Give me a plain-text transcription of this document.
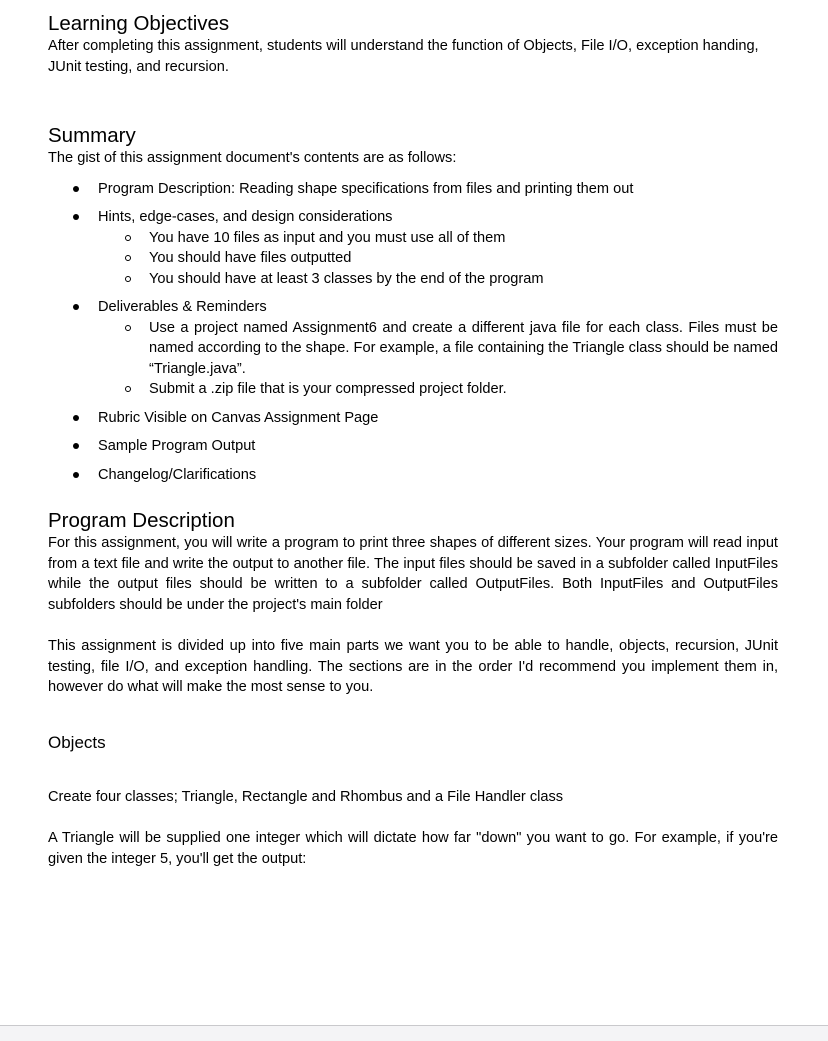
Learning Objectives

After completing this assignment, students will understand the function of Objects, File I/O, exception handing, JUnit testing, and recursion.

Summary

The gist of this assignment document's contents are as follows:

Program Description: Reading shape specifications from files and printing them out
Hints, edge-cases, and design considerations
You have 10 files as input and you must use all of them
You should have files outputted
You should have at least 3 classes by the end of the program
Deliverables & Reminders
Use a project named Assignment6 and create a different java file for each class. Files must be named according to the shape. For example, a file containing the Triangle class should be named “Triangle.java”.
Submit a .zip file that is your compressed project folder.
Rubric Visible on Canvas Assignment Page
Sample Program Output
Changelog/Clarifications
Program Description

For this assignment, you will write a program to print three shapes of different sizes. Your program will read input from a text file and write the output to another file. The input files should be saved in a subfolder called InputFiles while the output files should be written to a subfolder called OutputFiles. Both InputFiles and OutputFiles subfolders should be under the project's main folder

This assignment is divided up into five main parts we want you to be able to handle, objects, recursion, JUnit testing, file I/O, and exception handling. The sections are in the order I'd recommend you implement them in, however do what will make the most sense to you.

Objects

Create four classes; Triangle, Rectangle and Rhombus and a File Handler class

A Triangle will be supplied one integer which will dictate how far "down" you want to go. For example, if you're given the integer 5, you'll get the output:
